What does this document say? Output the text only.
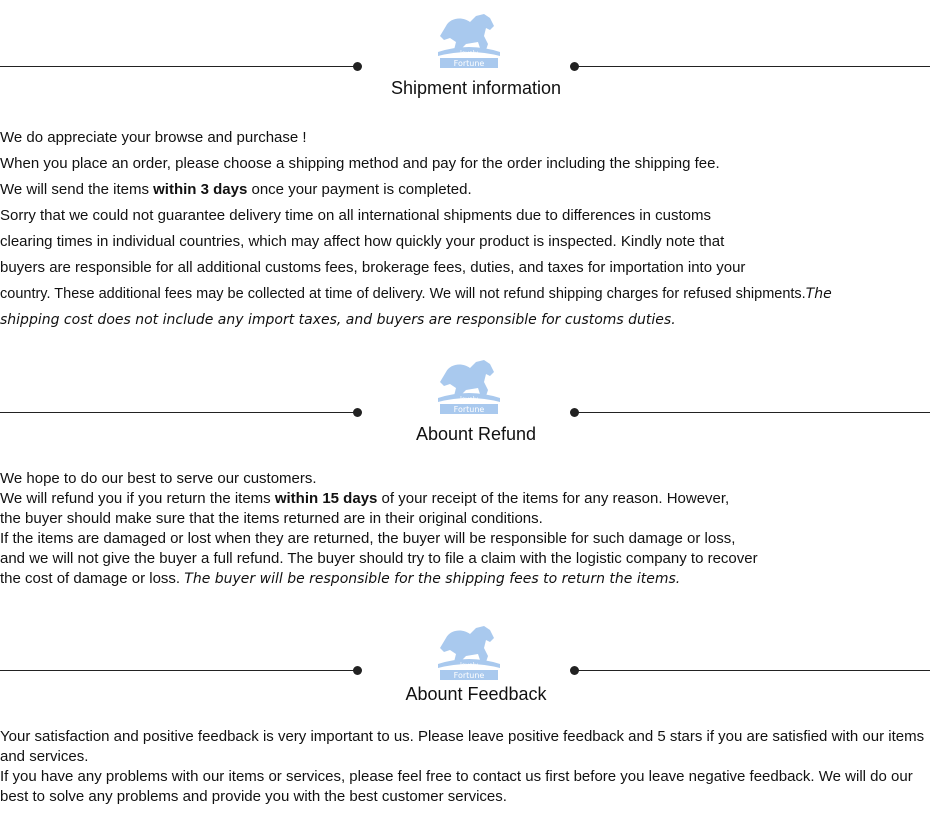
Fortune
lovely
Shipment information
We do appreciate your browse and purchase !
When you place an order, please choose a shipping method and pay for the order including the shipping fee.
We will send the items within 3 days once your payment is completed.
Sorry that we could not guarantee delivery time on all international shipments due to differences in customs
clearing times in individual countries, which may affect how quickly your product is inspected. Kindly note that
buyers are responsible for all additional customs fees, brokerage fees, duties, and taxes for importation into your
country. These additional fees may be collected at time of delivery. We will not refund shipping charges for refused shipments.The
shipping cost does not include any import taxes, and buyers are responsible for customs duties.
Fortune
lovely
Abount Refund
We hope to do our best to serve our customers.
We will refund you if you return the items within 15 days of your receipt of the items for any reason. However,
the buyer should make sure that the items returned are in their original conditions.
If the items are damaged or lost when they are returned, the buyer will be responsible for such damage or loss,
and we will not give the buyer a full refund. The buyer should try to file a claim with the logistic company to recover
the cost of damage or loss. The buyer will be responsible for the shipping fees to return the items.
Fortune
lovely
Abount Feedback
Your satisfaction and positive feedback is very important to us. Please leave positive feedback and 5 stars if you are satisfied with our items and services.
If you have any problems with our items or services, please feel free to contact us first before you leave negative feedback. We will do our best to solve any problems and provide you with the best customer services.
